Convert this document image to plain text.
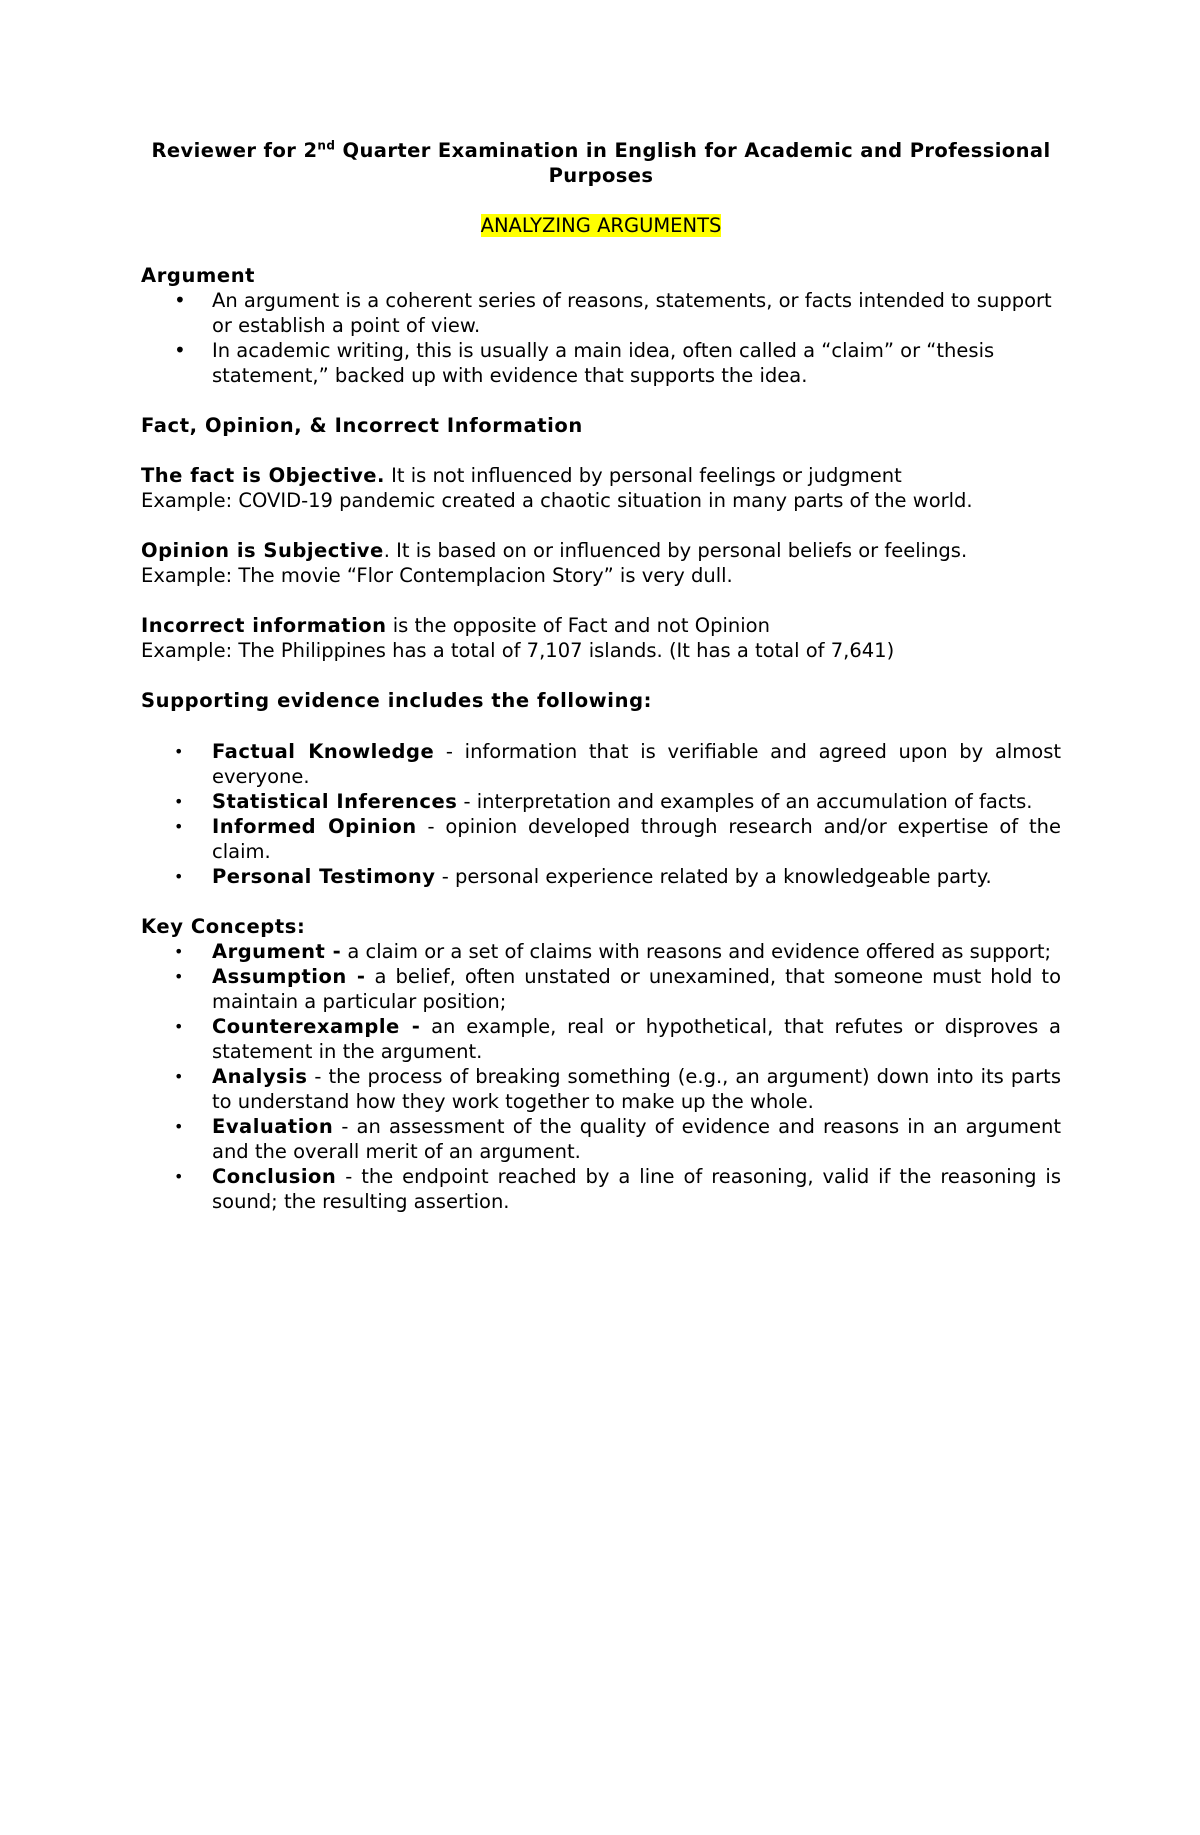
Reviewer for 2nd Quarter Examination in English for Academic and Professional Purposes

ANALYZING ARGUMENTS

Argument

• An argument is a coherent series of reasons, statements, or facts intended to support or establish a point of view.
• In academic writing, this is usually a main idea, often called a “claim” or “thesis statement,” backed up with evidence that supports the idea.

Fact, Opinion, & Incorrect Information

The fact is Objective. It is not influenced by personal feelings or judgment

Example: COVID-19 pandemic created a chaotic situation in many parts of the world.

Opinion is Subjective. It is based on or influenced by personal beliefs or feelings.

Example: The movie “Flor Contemplacion Story” is very dull.

Incorrect information is the opposite of Fact and not Opinion

Example: The Philippines has a total of 7,107 islands. (It has a total of 7,641)

Supporting evidence includes the following:

• Factual Knowledge - information that is verifiable and agreed upon by almost everyone.
• Statistical Inferences - interpretation and examples of an accumulation of facts.
• Informed Opinion - opinion developed through research and/or expertise of the claim.
• Personal Testimony - personal experience related by a knowledgeable party.

Key Concepts:

• Argument - a claim or a set of claims with reasons and evidence offered as support;
• Assumption - a belief, often unstated or unexamined, that someone must hold to maintain a particular position;
• Counterexample - an example, real or hypothetical, that refutes or disproves a statement in the argument.
• Analysis - the process of breaking something (e.g., an argument) down into its parts to understand how they work together to make up the whole.
• Evaluation - an assessment of the quality of evidence and reasons in an argument and the overall merit of an argument.
• Conclusion - the endpoint reached by a line of reasoning, valid if the reasoning is sound; the resulting assertion.
